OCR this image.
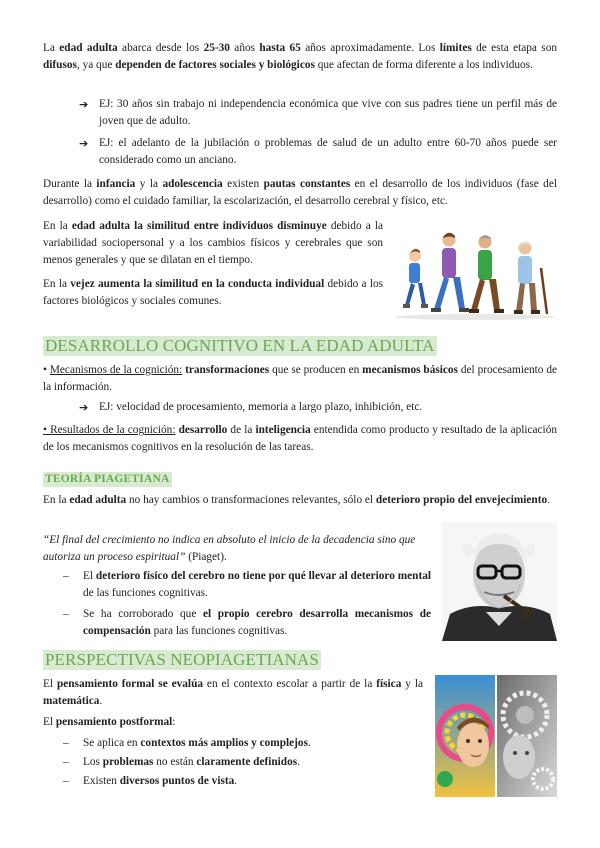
La edad adulta abarca desde los 25-30 años hasta 65 años aproximadamente. Los límites de esta etapa son difusos, ya que dependen de factores sociales y biológicos que afectan de forma diferente a los individuos.

➔ EJ: 30 años sin trabajo ni independencia económica que vive con sus padres tiene un perfil más de joven que de adulto.

➔ EJ: el adelanto de la jubilación o problemas de salud de un adulto entre 60-70 años puede ser considerado como un anciano.

Durante la infancia y la adolescencia existen pautas constantes en el desarrollo de los individuos (fase del desarrollo) como el cuidado familiar, la escolarización, el desarrollo cerebral y físico, etc.

En la edad adulta la similitud entre individuos disminuye debido a la variabilidad sociopersonal y a los cambios físicos y cerebrales que son menos generales y que se dilatan en el tiempo.

En la vejez aumenta la similitud en la conducta individual debido a los factores biológicos y sociales comunes.

DESARROLLO COGNITIVO EN LA EDAD ADULTA

• Mecanismos de la cognición: transformaciones que se producen en mecanismos básicos del procesamiento de la información.

➔ EJ: velocidad de procesamiento, memoria a largo plazo, inhibición, etc.

• Resultados de la cognición: desarrollo de la inteligencia entendida como producto y resultado de la aplicación de los mecanismos cognitivos en la resolución de las tareas.

TEORÍA PIAGETIANA

En la edad adulta no hay cambios o transformaciones relevantes, sólo el deterioro propio del envejecimiento.

“El final del crecimiento no indica en absoluto el inicio de la decadencia sino que autoriza un proceso espiritual” (Piaget).

–	El deterioro físico del cerebro no tiene por qué llevar al deterioro mental de las funciones cognitivas.

–	Se ha corroborado que el propio cerebro desarrolla mecanismos de compensación para las funciones cognitivas.

PERSPECTIVAS NEOPIAGETIANAS

El pensamiento formal se evalúa en el contexto escolar a partir de la física y la matemática.

El pensamiento postformal:

–	Se aplica en contextos más amplios y complejos.

–	Los problemas no están claramente definidos.

–	Existen diversos puntos de vista.
